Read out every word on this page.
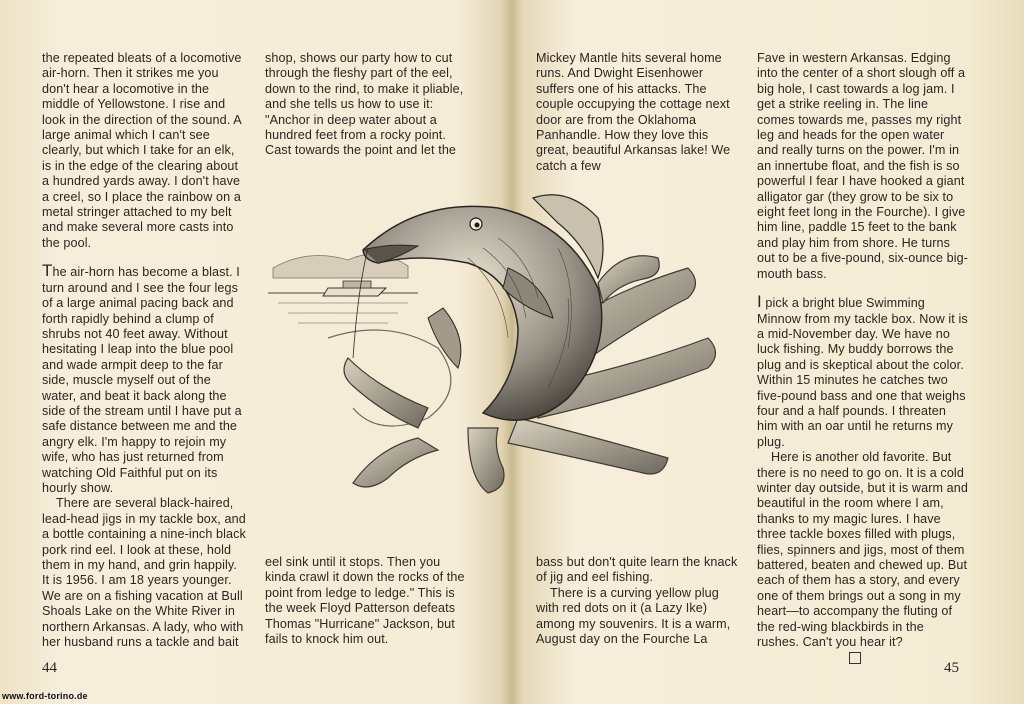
the repeated bleats of a locomotive air-horn. Then it strikes me you don't hear a locomotive in the middle of Yellowstone. I rise and look in the direction of the sound. A large animal which I can't see clearly, but which I take for an elk, is in the edge of the clearing about a hundred yards away. I don't have a creel, so I place the rainbow on a metal stringer attached to my belt and make several more casts into the pool.

The air-horn has become a blast. I turn around and I see the four legs of a large animal pacing back and forth rapidly behind a clump of shrubs not 40 feet away. Without hesitating I leap into the blue pool and wade armpit deep to the far side, muscle myself out of the water, and beat it back along the side of the stream until I have put a safe distance between me and the angry elk. I'm happy to rejoin my wife, who has just returned from watching Old Faithful put on its hourly show.

There are several black-haired, lead-head jigs in my tackle box, and a bottle containing a nine-inch black pork rind eel. I look at these, hold them in my hand, and grin happily. It is 1956. I am 18 years younger. We are on a fishing vacation at Bull Shoals Lake on the White River in northern Arkansas. A lady, who with her husband runs a tackle and bait

shop, shows our party how to cut through the fleshy part of the eel, down to the rind, to make it pliable, and she tells us how to use it: "Anchor in deep water about a hundred feet from a rocky point. Cast towards the point and let the

eel sink until it stops. Then you kinda crawl it down the rocks of the point from ledge to ledge." This is the week Floyd Patterson defeats Thomas "Hurricane" Jackson, but fails to knock him out.

44

Mickey Mantle hits several home runs. And Dwight Eisenhower suffers one of his attacks. The couple occupying the cottage next door are from the Oklahoma Panhandle. How they love this great, beautiful Arkansas lake! We catch a few

bass but don't quite learn the knack of jig and eel fishing.

There is a curving yellow plug with red dots on it (a Lazy Ike) among my souvenirs. It is a warm, August day on the Fourche La

Fave in western Arkansas. Edging into the center of a short slough off a big hole, I cast towards a log jam. I get a strike reeling in. The line comes towards me, passes my right leg and heads for the open water and really turns on the power. I'm in an innertube float, and the fish is so powerful I fear I have hooked a giant alligator gar (they grow to be six to eight feet long in the Fourche). I give him line, paddle 15 feet to the bank and play him from shore. He turns out to be a five-pound, six-ounce big-mouth bass.

I pick a bright blue Swimming Minnow from my tackle box. Now it is a mid-November day. We have no luck fishing. My buddy borrows the plug and is skeptical about the color. Within 15 minutes he catches two five-pound bass and one that weighs four and a half pounds. I threaten him with an oar until he returns my plug.

Here is another old favorite. But there is no need to go on. It is a cold winter day outside, but it is warm and beautiful in the room where I am, thanks to my magic lures. I have three tackle boxes filled with plugs, flies, spinners and jigs, most of them battered, beaten and chewed up. But each of them has a story, and every one of them brings out a song in my heart—to accompany the fluting of the red-wing blackbirds in the rushes. Can't you hear it?

45
www.ford-torino.de
